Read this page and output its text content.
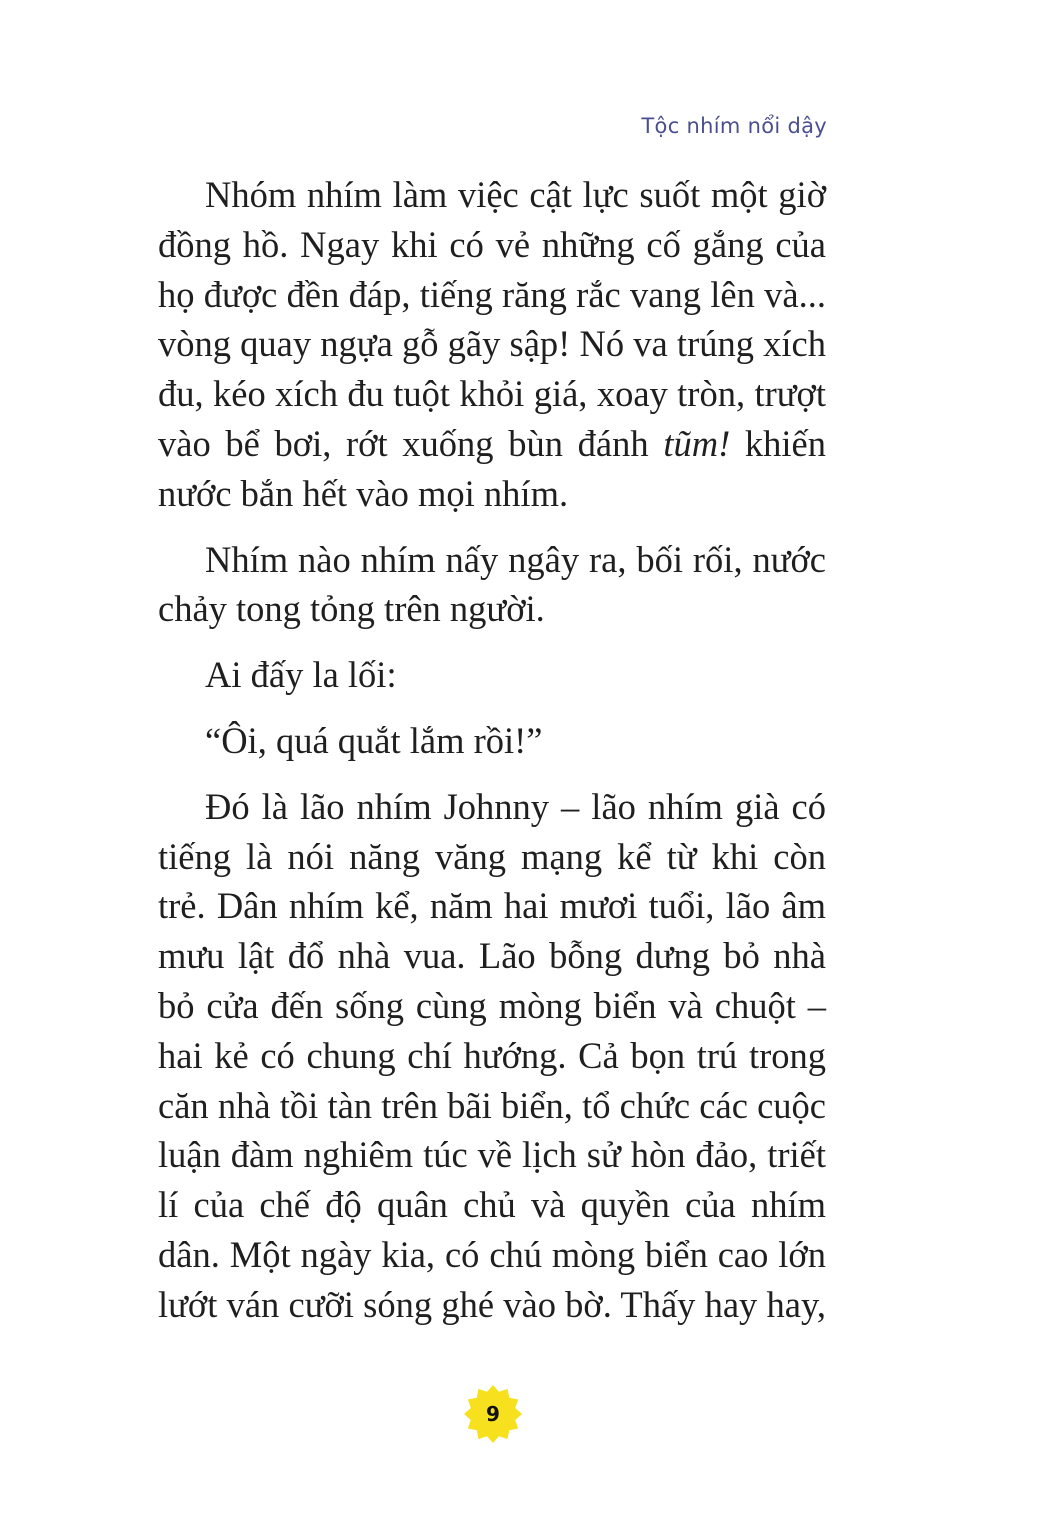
Tộc nhím nổi dậy

Nhóm nhím làm việc cật lực suốt một giờ đồng hồ. Ngay khi có vẻ những cố gắng của họ được đền đáp, tiếng răng rắc vang lên và... vòng quay ngựa gỗ gãy sập! Nó va trúng xích đu, kéo xích đu tuột khỏi giá, xoay tròn, trượt vào bể bơi, rớt xuống bùn đánh tũm! khiến nước bắn hết vào mọi nhím.

Nhím nào nhím nấy ngây ra, bối rối, nước chảy tong tỏng trên người.

Ai đấy la lối:

“Ôi, quá quắt lắm rồi!”

Đó là lão nhím Johnny – lão nhím già có tiếng là nói năng văng mạng kể từ khi còn trẻ. Dân nhím kể, năm hai mươi tuổi, lão âm mưu lật đổ nhà vua. Lão bỗng dưng bỏ nhà bỏ cửa đến sống cùng mòng biển và chuột – hai kẻ có chung chí hướng. Cả bọn trú trong căn nhà tồi tàn trên bãi biển, tổ chức các cuộc luận đàm nghiêm túc về lịch sử hòn đảo, triết lí của chế độ quân chủ và quyền của nhím dân. Một ngày kia, có chú mòng biển cao lớn lướt ván cưỡi sóng ghé vào bờ. Thấy hay hay,

9
